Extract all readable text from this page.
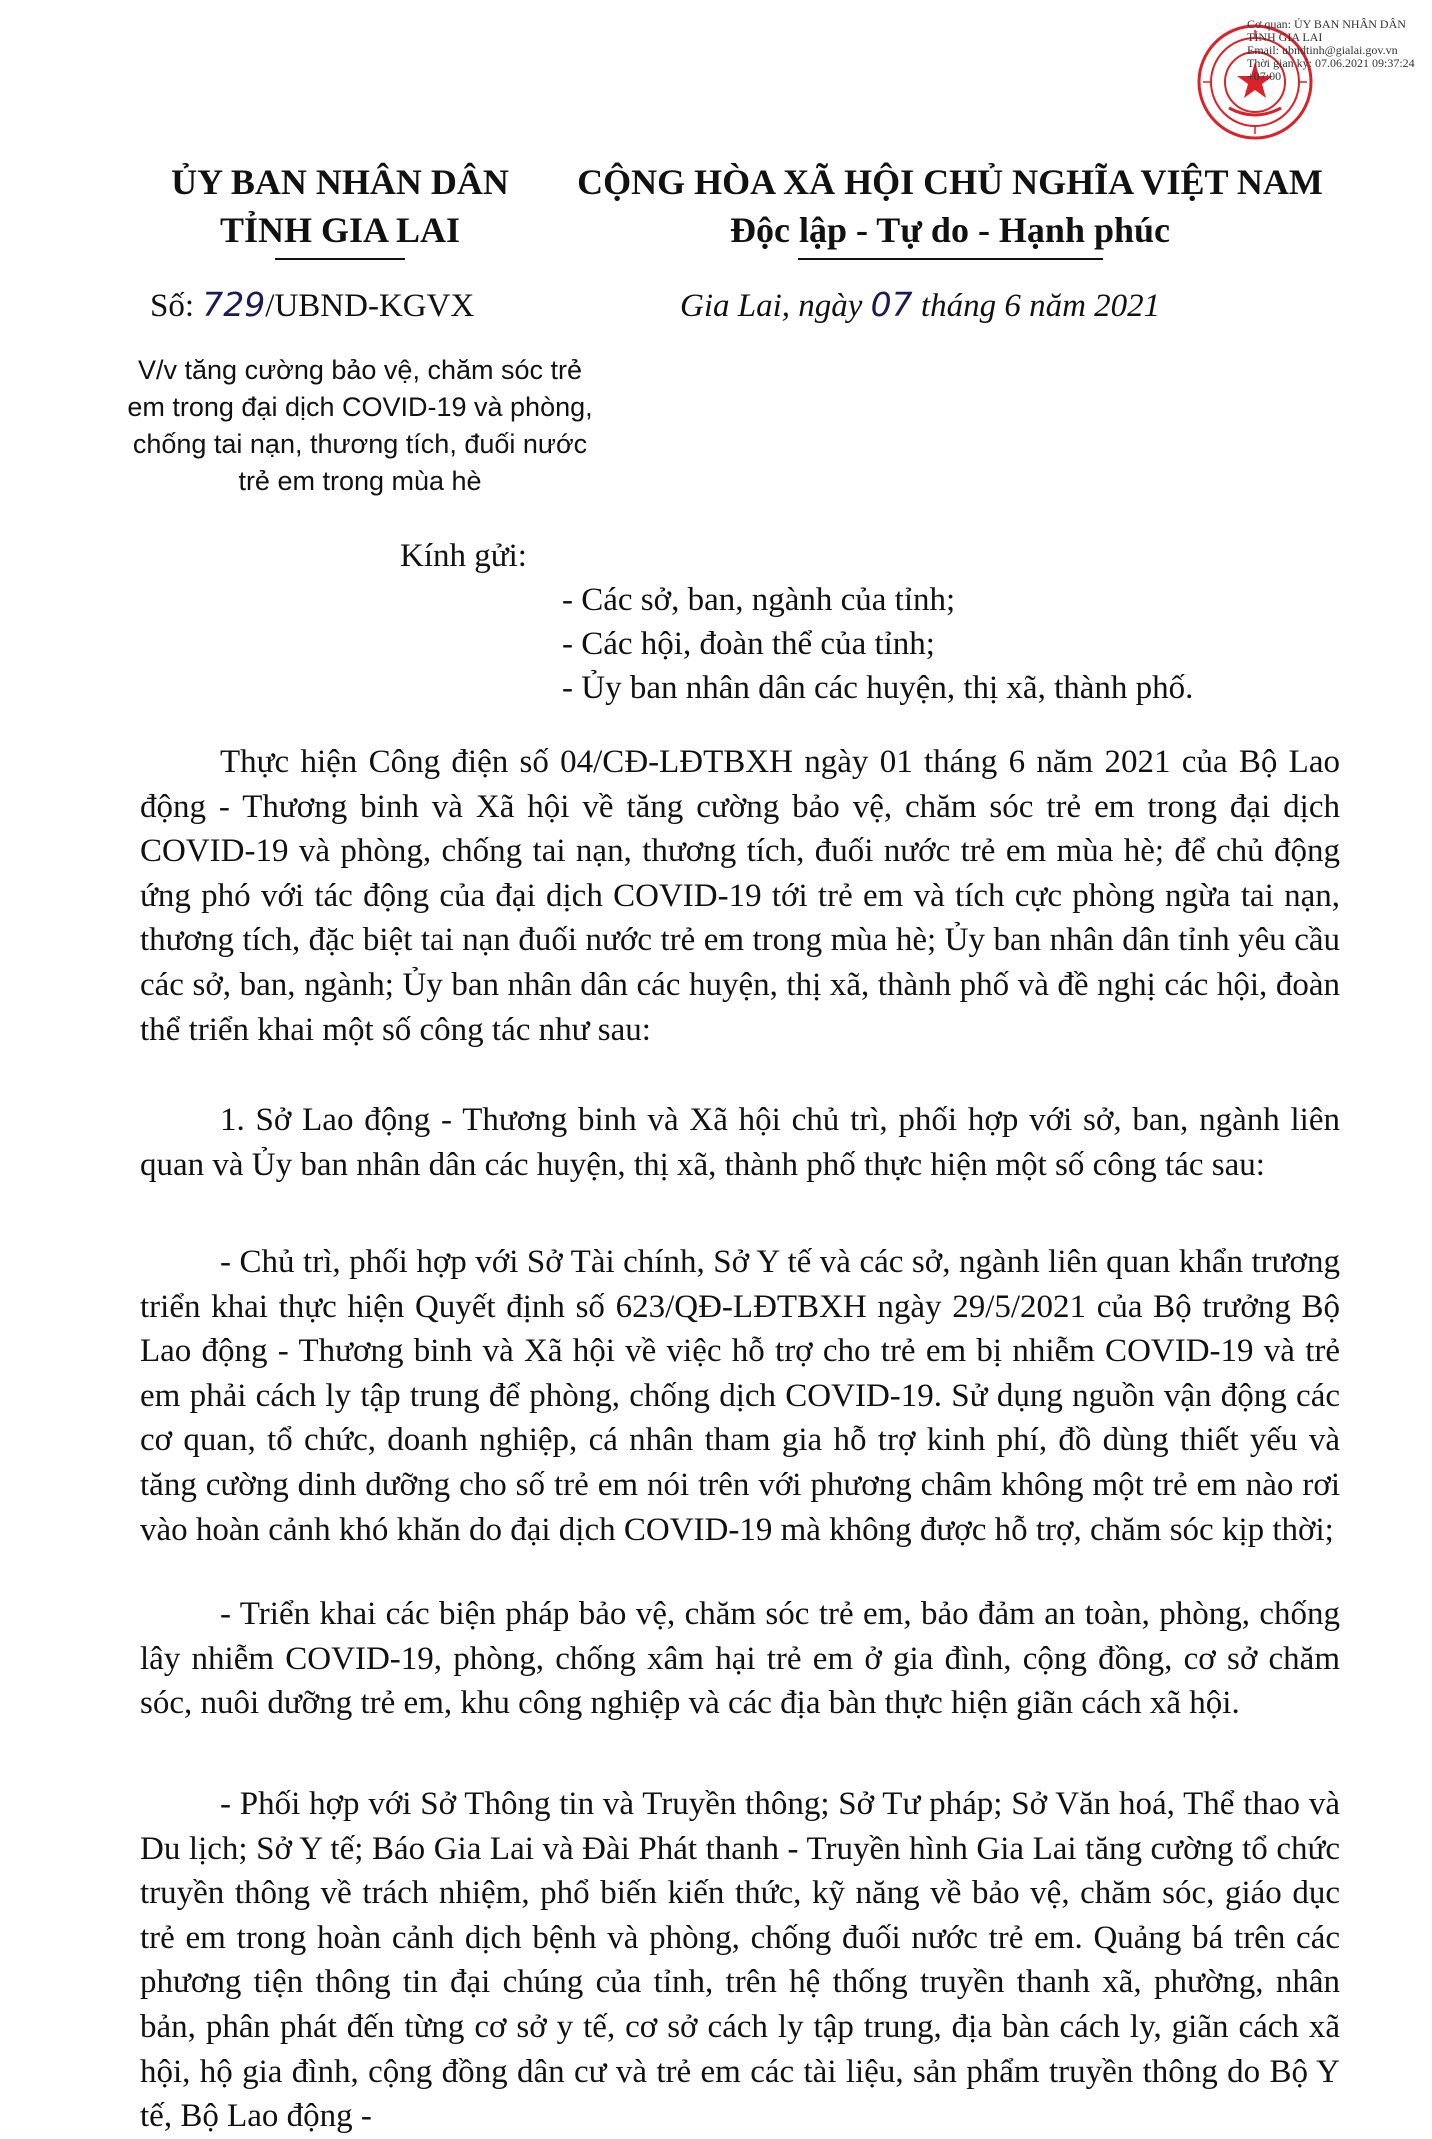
Cơ quan: ỦY BAN NHÂN DÂN TỈNH GIA LAI
Email: ubndtinh@gialai.gov.vn
Thời gian ký: 07.06.2021 09:37:24 +07:00
ỦY BAN NHÂN DÂN
TỈNH GIA LAI
CỘNG HÒA XÃ HỘI CHỦ NGHĨA VIỆT NAM
Độc lập - Tự do - Hạnh phúc
Số: 729/UBND-KGVX	Gia Lai, ngày 07 tháng 6 năm 2021
V/v tăng cường bảo vệ, chăm sóc trẻ em trong đại dịch COVID-19 và phòng, chống tai nạn, thương tích, đuối nước trẻ em trong mùa hè
Kính gửi:
- Các sở, ban, ngành của tỉnh;
- Các hội, đoàn thể của tỉnh;
- Ủy ban nhân dân các huyện, thị xã, thành phố.

Thực hiện Công điện số 04/CĐ-LĐTBXH ngày 01 tháng 6 năm 2021 của Bộ Lao động - Thương binh và Xã hội về tăng cường bảo vệ, chăm sóc trẻ em trong đại dịch COVID-19 và phòng, chống tai nạn, thương tích, đuối nước trẻ em mùa hè; để chủ động ứng phó với tác động của đại dịch COVID-19 tới trẻ em và tích cực phòng ngừa tai nạn, thương tích, đặc biệt tai nạn đuối nước trẻ em trong mùa hè; Ủy ban nhân dân tỉnh yêu cầu các sở, ban, ngành; Ủy ban nhân dân các huyện, thị xã, thành phố và đề nghị các hội, đoàn thể triển khai một số công tác như sau:

1. Sở Lao động - Thương binh và Xã hội chủ trì, phối hợp với sở, ban, ngành liên quan và Ủy ban nhân dân các huyện, thị xã, thành phố thực hiện một số công tác sau:

- Chủ trì, phối hợp với Sở Tài chính, Sở Y tế và các sở, ngành liên quan khẩn trương triển khai thực hiện Quyết định số 623/QĐ-LĐTBXH ngày 29/5/2021 của Bộ trưởng Bộ Lao động - Thương binh và Xã hội về việc hỗ trợ cho trẻ em bị nhiễm COVID-19 và trẻ em phải cách ly tập trung để phòng, chống dịch COVID-19. Sử dụng nguồn vận động các cơ quan, tổ chức, doanh nghiệp, cá nhân tham gia hỗ trợ kinh phí, đồ dùng thiết yếu và tăng cường dinh dưỡng cho số trẻ em nói trên với phương châm không một trẻ em nào rơi vào hoàn cảnh khó khăn do đại dịch COVID-19 mà không được hỗ trợ, chăm sóc kịp thời;

- Triển khai các biện pháp bảo vệ, chăm sóc trẻ em, bảo đảm an toàn, phòng, chống lây nhiễm COVID-19, phòng, chống xâm hại trẻ em ở gia đình, cộng đồng, cơ sở chăm sóc, nuôi dưỡng trẻ em, khu công nghiệp và các địa bàn thực hiện giãn cách xã hội.

- Phối hợp với Sở Thông tin và Truyền thông; Sở Tư pháp; Sở Văn hoá, Thể thao và Du lịch; Sở Y tế; Báo Gia Lai và Đài Phát thanh - Truyền hình Gia Lai tăng cường tổ chức truyền thông về trách nhiệm, phổ biến kiến thức, kỹ năng về bảo vệ, chăm sóc, giáo dục trẻ em trong hoàn cảnh dịch bệnh và phòng, chống đuối nước trẻ em. Quảng bá trên các phương tiện thông tin đại chúng của tỉnh, trên hệ thống truyền thanh xã, phường, nhân bản, phân phát đến từng cơ sở y tế, cơ sở cách ly tập trung, địa bàn cách ly, giãn cách xã hội, hộ gia đình, cộng đồng dân cư và trẻ em các tài liệu, sản phẩm truyền thông do Bộ Y tế, Bộ Lao động -
